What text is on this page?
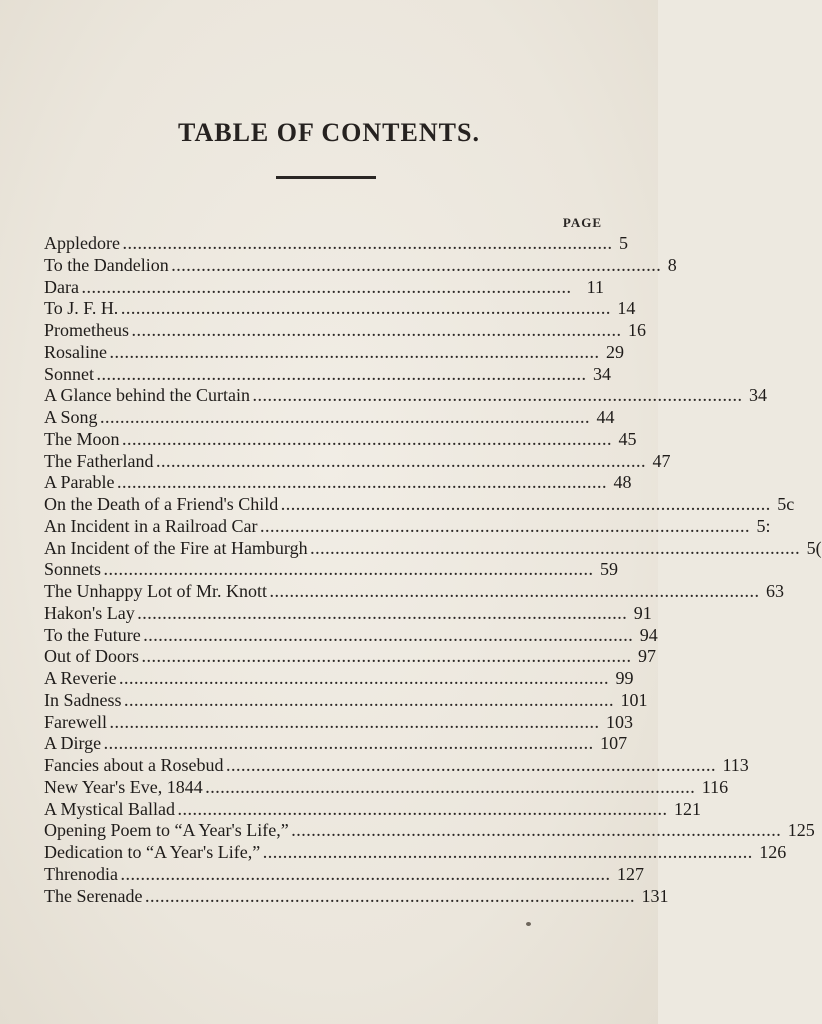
TABLE OF CONTENTS.
PAGE
Appledore .................................................................................................. 5
To the Dandelion .................................................................................................. 8
Dara .................................................................................................. 11
To J. F. H. .................................................................................................. 14
Prometheus .................................................................................................. 16
Rosaline .................................................................................................. 29
Sonnet .................................................................................................. 34
A Glance behind the Curtain .................................................................................................. 34
A Song .................................................................................................. 44
The Moon .................................................................................................. 45
The Fatherland .................................................................................................. 47
A Parable .................................................................................................. 48
On the Death of a Friend's Child .................................................................................................. 5c
An Incident in a Railroad Car .................................................................................................. 5:
An Incident of the Fire at Hamburgh .................................................................................................. 5(
Sonnets .................................................................................................. 59
The Unhappy Lot of Mr. Knott .................................................................................................. 63
Hakon's Lay .................................................................................................. 91
To the Future .................................................................................................. 94
Out of Doors .................................................................................................. 97
A Reverie .................................................................................................. 99
In Sadness .................................................................................................. 101
Farewell .................................................................................................. 103
A Dirge .................................................................................................. 107
Fancies about a Rosebud .................................................................................................. 113
New Year's Eve, 1844 .................................................................................................. 116
A Mystical Ballad .................................................................................................. 121
Opening Poem to “A Year's Life,” .................................................................................................. 125
Dedication to “A Year's Life,” .................................................................................................. 126
Threnodia .................................................................................................. 127
The Serenade .................................................................................................. 131
